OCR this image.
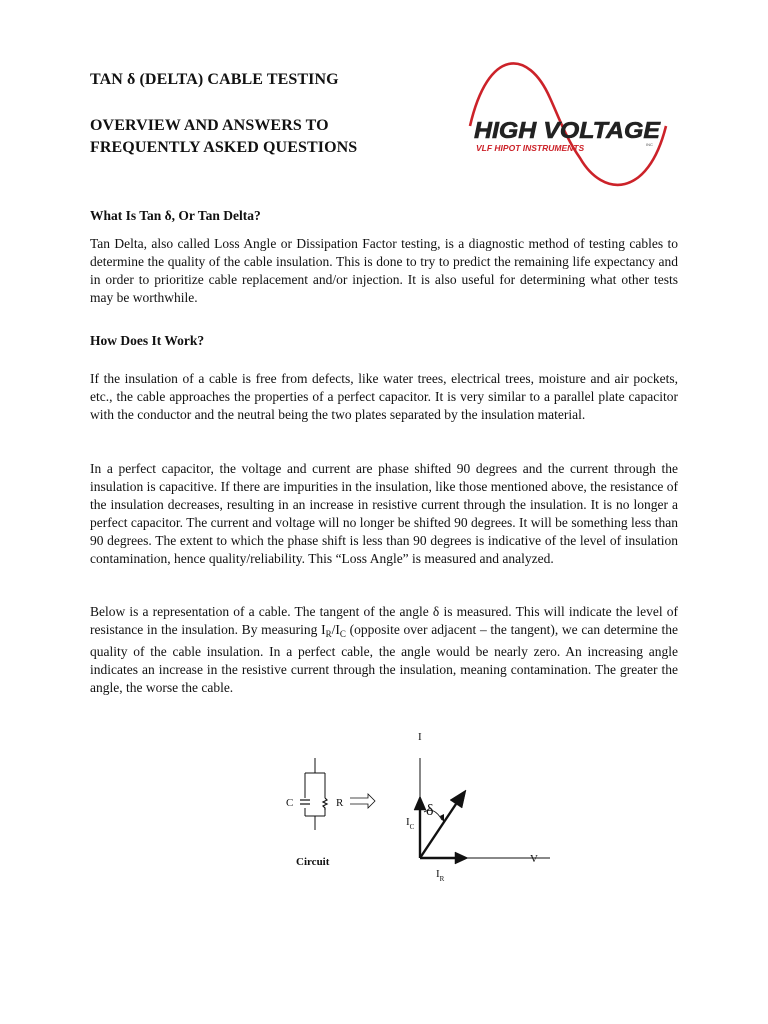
TAN δ (DELTA) CABLE TESTING
OVERVIEW AND ANSWERS TO FREQUENTLY ASKED QUESTIONS
HIGH VOLTAGE
VLF HIPOT INSTRUMENTS	INC
What Is Tan δ, Or Tan Delta?
Tan Delta, also called Loss Angle or Dissipation Factor testing, is a diagnostic method of testing cables to determine the quality of the cable insulation. This is done to try to predict the remaining life expectancy and in order to prioritize cable replacement and/or injection. It is also useful for determining what other tests may be worthwhile.
How Does It Work?
If the insulation of a cable is free from defects, like water trees, electrical trees, moisture and air pockets, etc., the cable approaches the properties of a perfect capacitor. It is very similar to a parallel plate capacitor with the conductor and the neutral being the two plates separated by the insulation material.
In a perfect capacitor, the voltage and current are phase shifted 90 degrees and the current through the insulation is capacitive. If there are impurities in the insulation, like those mentioned above, the resistance of the insulation decreases, resulting in an increase in resistive current through the insulation. It is no longer a perfect capacitor. The current and voltage will no longer be shifted 90 degrees. It will be something less than 90 degrees. The extent to which the phase shift is less than 90 degrees is indicative of the level of insulation contamination, hence quality/reliability. This “Loss Angle” is measured and analyzed.
Below is a representation of a cable. The tangent of the angle δ is measured. This will indicate the level of resistance in the insulation. By measuring $I_R/I_C$ (opposite over adjacent – the tangent), we can determine the quality of the cable insulation. In a perfect cable, the angle would be nearly zero. An increasing angle indicates an increase in the resistive current through the insulation, meaning contamination. The greater the angle, the worse the cable.
C	R
Circuit
I
V
δ
$I_C$
$I_R$
